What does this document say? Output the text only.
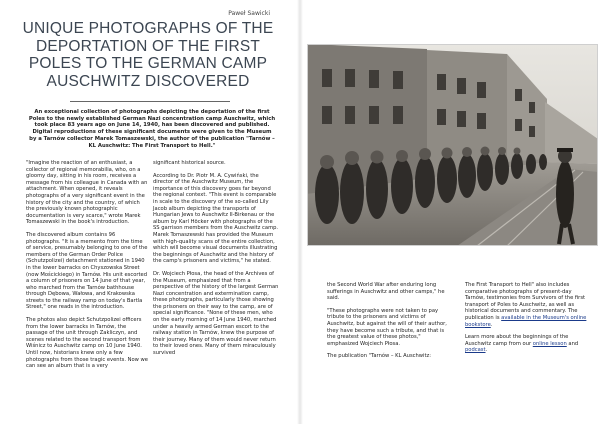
Paweł Sawicki
UNIQUE PHOTOGRAPHS OF THE DEPORTATION OF THE FIRST POLES TO THE GERMAN CAMP AUSCHWITZ DISCOVERED

An exceptional collection of photographs depicting the deportation of the first Poles to the newly established German Nazi concentration camp Auschwitz, which took place 83 years ago on June 14, 1940, has been discovered and published. Digital reproductions of these significant documents were given to the Museum by a Tarnów collector Marek Tomaszewski, the author of the publication "Tarnów – KL Auschwitz: The First Transport to Hell."

"Imagine the reaction of an enthusiast, a collector of regional memorabilia, who, on a gloomy day, sitting in his room, receives a message from his colleague in Canada with an attachment. When opened, it reveals photographs of a very significant event in the history of the city and the country, of which the previously known photographic documentation is very scarce," wrote Marek Tomaszewski in the book's introduction.

The discovered album contains 96 photographs. "It is a memento from the time of service, presumably belonging to one of the members of the German Order Police (Schutzpolizei) detachment stationed in 1940 in the lower barracks on Chyszowska Street (now Mościckiego) in Tarnów. His unit escorted a column of prisoners on 14 June of that year, who marched from the Tarnów bathhouse through Dębowa, Wałowa, and Krakowska streets to the railway ramp on today's Bartla Street," one reads in the introduction.

The photos also depict Schutzpolizei officers from the lower barracks in Tarnów, the passage of the unit through Zakliczyn, and scenes related to the second transport from Wiśnicz to Auschwitz camp on 10 June 1940. Until now, historians knew only a few photographs from those tragic events. Now we can see an album that is a very

significant historical source.

According to Dr. Piotr M. A. Cywiński, the director of the Auschwitz Museum, the importance of this discovery goes far beyond the regional context. "This event is comparable in scale to the discovery of the so-called Lily Jacob album depicting the transports of Hungarian Jews to Auschwitz II-Birkenau or the album by Karl Höcker with photographs of the SS garrison members from the Auschwitz camp. Marek Tomaszewski has provided the Museum with high-quality scans of the entire collection, which will become visual documents illustrating the beginnings of Auschwitz and the history of the camp's prisoners and victims," he stated.

Dr. Wojciech Płosa, the head of the Archives of the Museum, emphasized that from a perspective of the history of the largest German Nazi concentration and extermination camp, these photographs, particularly those showing the prisoners on their way to the camp, are of special significance. "None of these men, who on the early morning of 14 June 1940, marched under a heavily armed German escort to the railway station in Tarnów, knew the purpose of their journey. Many of them would never return to their loved ones. Many of them miraculously survived

the Second World War after enduring long sufferings in Auschwitz and other camps," he said.

"These photographs were not taken to pay tribute to the prisoners and victims of Auschwitz, but against the will of their author, they have become such a tribute, and that is the greatest value of these photos," emphasized Wojciech Płosa.

The publication "Tarnów – KL Auschwitz:

The First Transport to Hell" also includes comparative photographs of present-day Tarnów, testimonies from Survivors of the first transport of Poles to Auschwitz, as well as historical documents and commentary. The publication is available in the Museum's online bookstore.

Learn more about the beginnings of the Auschwitz camp from our online lesson and podcast.
